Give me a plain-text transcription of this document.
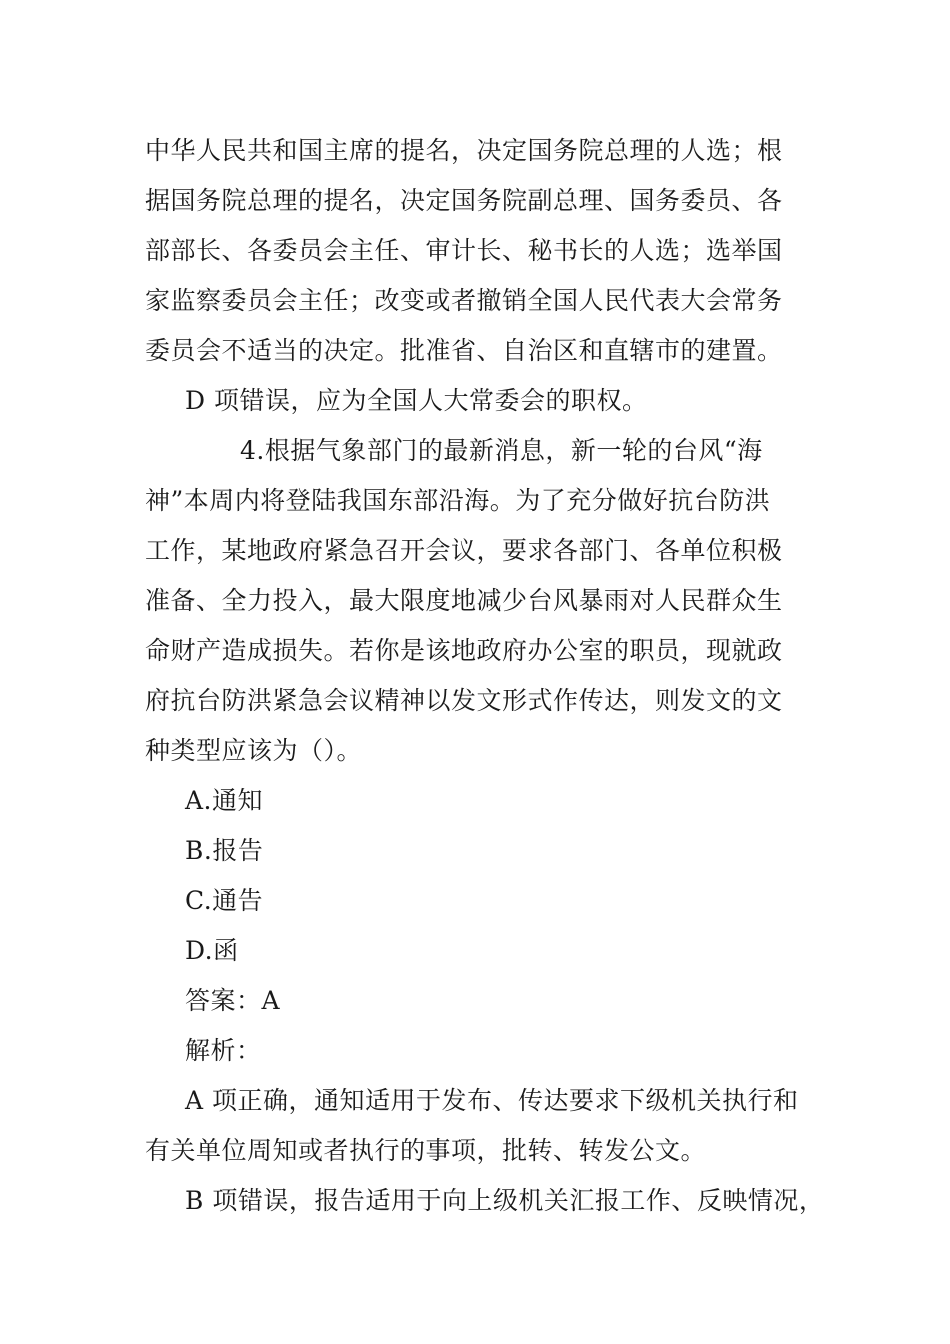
中华人民共和国主席的提名，决定国务院总理的人选；根
据国务院总理的提名，决定国务院副总理、国务委员、各
部部长、各委员会主任、审计长、秘书长的人选；选举国
家监察委员会主任；改变或者撤销全国人民代表大会常务
委员会不适当的决定。批准省、自治区和直辖市的建置。
D 项错误，应为全国人大常委会的职权。
4.根据气象部门的最新消息，新一轮的台风“海
神”本周内将登陆我国东部沿海。为了充分做好抗台防洪
工作，某地政府紧急召开会议，要求各部门、各单位积极
准备、全力投入，最大限度地减少台风暴雨对人民群众生
命财产造成损失。若你是该地政府办公室的职员，现就政
府抗台防洪紧急会议精神以发文形式作传达，则发文的文
种类型应该为（）。
A.通知
B.报告
C.通告
D.函
答案：A
解析：
A 项正确，通知适用于发布、传达要求下级机关执行和
有关单位周知或者执行的事项，批转、转发公文。
B 项错误，报告适用于向上级机关汇报工作、反映情况，
